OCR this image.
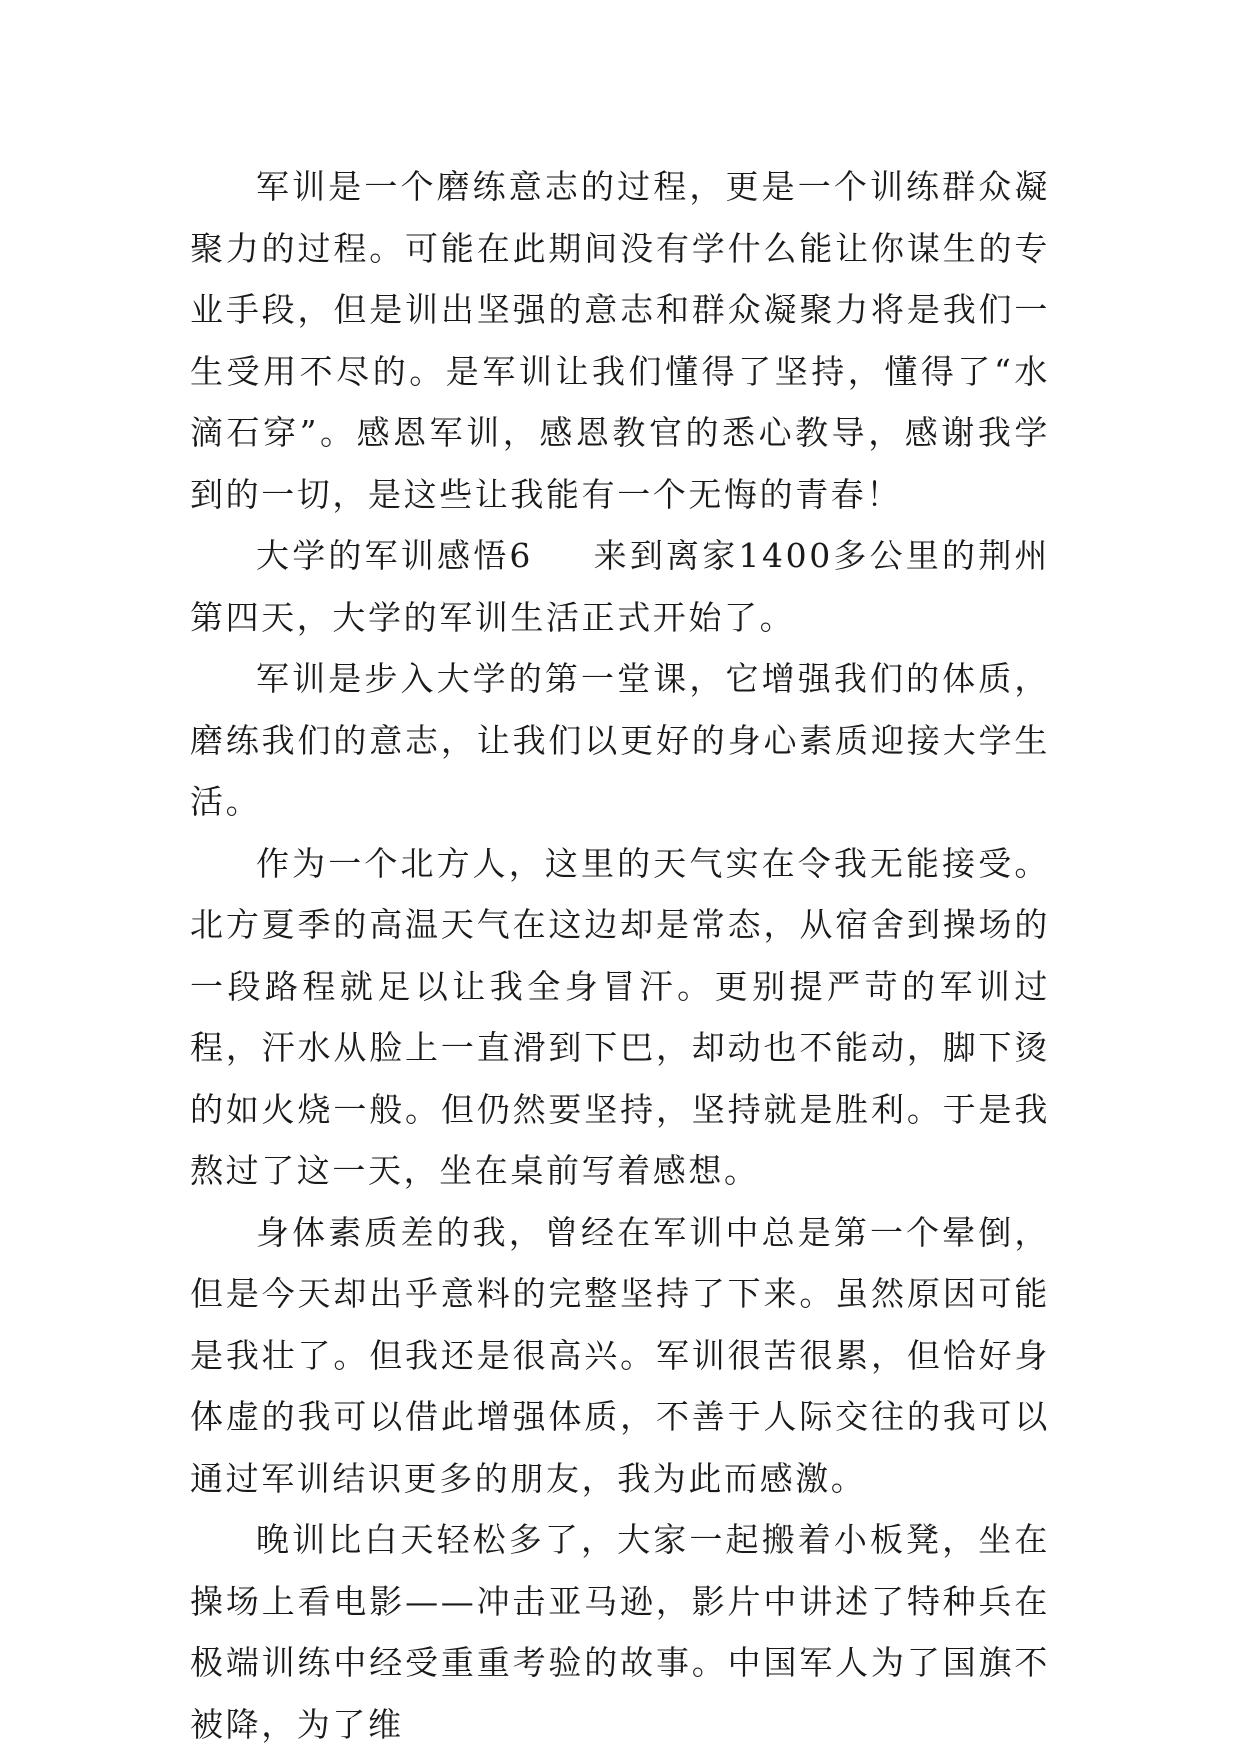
军训是一个磨练意志的过程，更是一个训练群众凝聚力的过程。可能在此期间没有学什么能让你谋生的专业手段，但是训出坚强的意志和群众凝聚力将是我们一生受用不尽的。是军训让我们懂得了坚持，懂得了“水滴石穿”。感恩军训，感恩教官的悉心教导，感谢我学到的一切，是这些让我能有一个无悔的青春！

大学的军训感悟6 来到离家1400多公里的荆州第四天，大学的军训生活正式开始了。

军训是步入大学的第一堂课，它增强我们的体质，磨练我们的意志，让我们以更好的身心素质迎接大学生活。

作为一个北方人，这里的天气实在令我无能接受。北方夏季的高温天气在这边却是常态，从宿舍到操场的一段路程就足以让我全身冒汗。更别提严苛的军训过程，汗水从脸上一直滑到下巴，却动也不能动，脚下烫的如火烧一般。但仍然要坚持，坚持就是胜利。于是我熬过了这一天，坐在桌前写着感想。

身体素质差的我，曾经在军训中总是第一个晕倒，但是今天却出乎意料的完整坚持了下来。虽然原因可能是我壮了。但我还是很高兴。军训很苦很累，但恰好身体虚的我可以借此增强体质，不善于人际交往的我可以通过军训结识更多的朋友，我为此而感激。

晚训比白天轻松多了，大家一起搬着小板凳，坐在操场上看电影——冲击亚马逊，影片中讲述了特种兵在极端训练中经受重重考验的故事。中国军人为了国旗不被降，为了维
